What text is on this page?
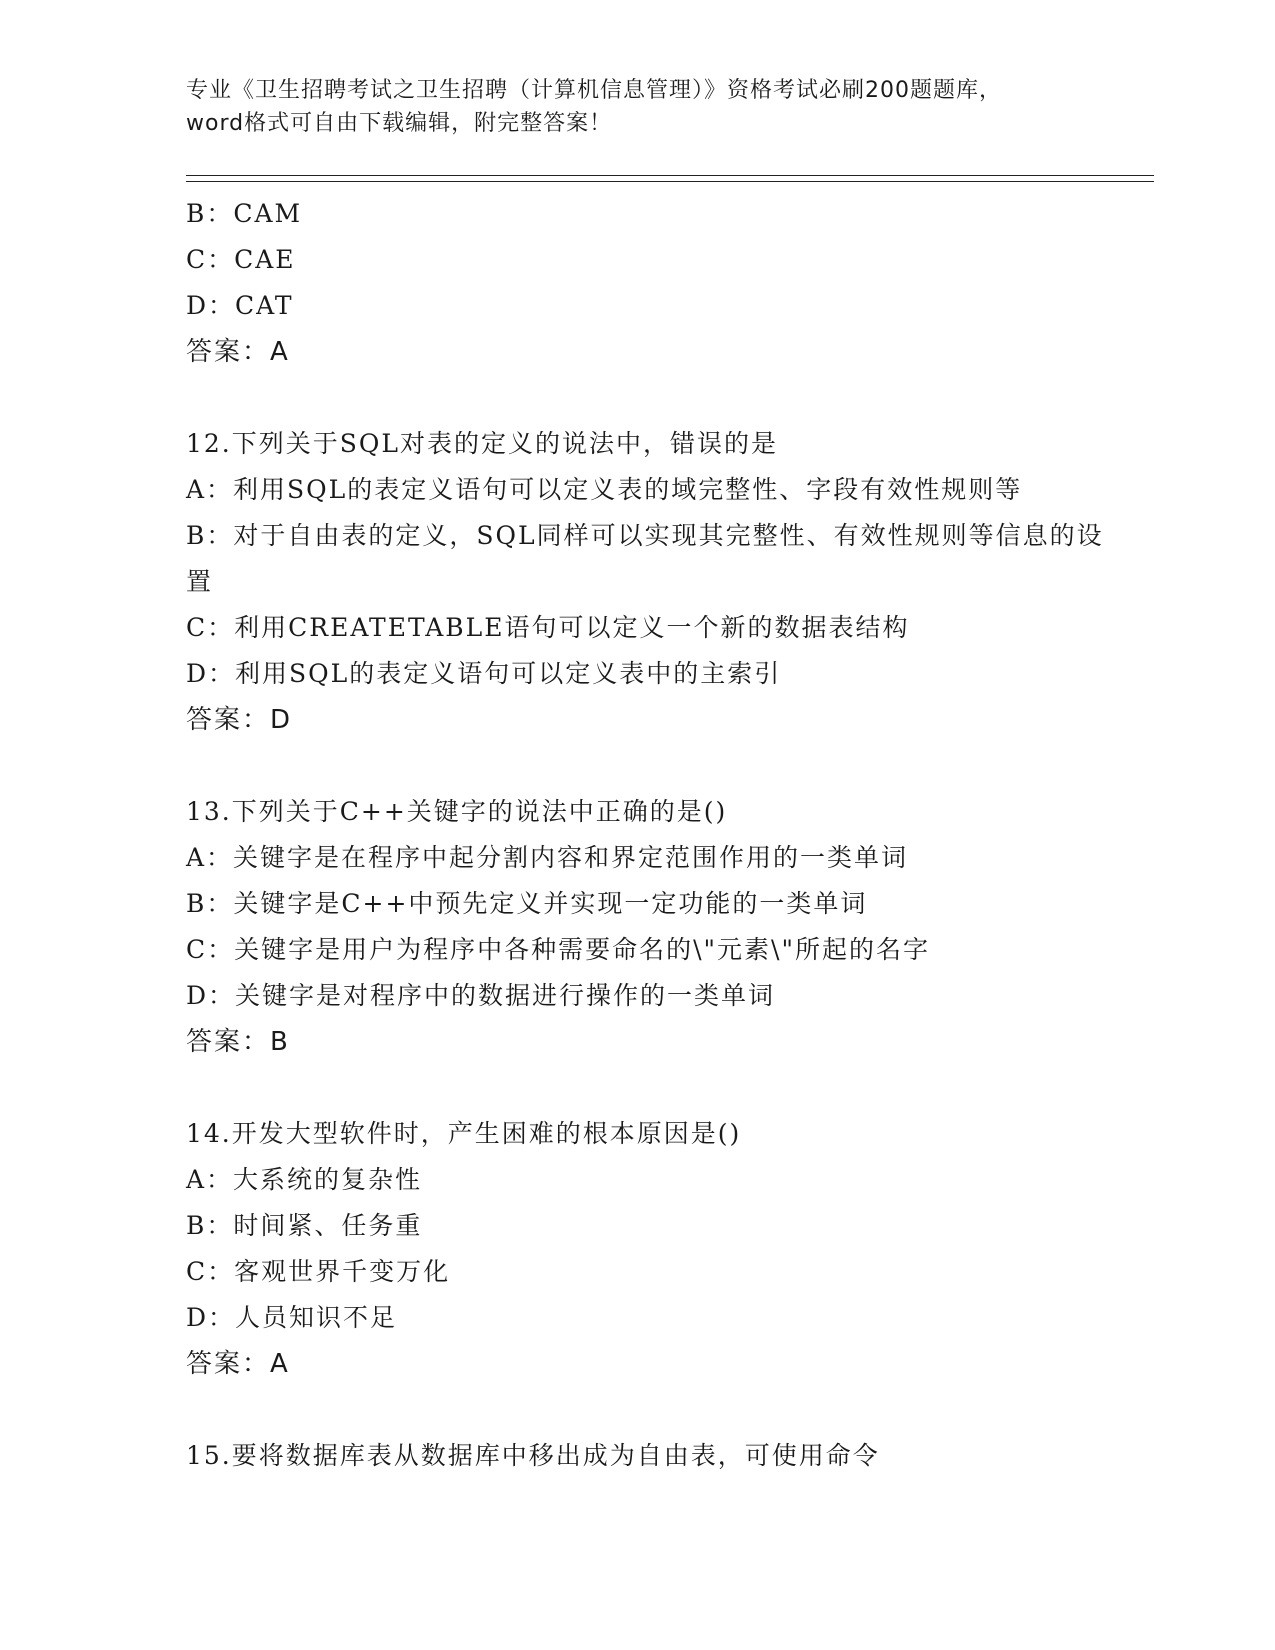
专业《卫生招聘考试之卫生招聘（计算机信息管理）》资格考试必刷200题题库，
word格式可自由下载编辑，附完整答案！
B：CAM
C：CAE
D：CAT
答案：A
12.下列关于SQL对表的定义的说法中，错误的是
A：利用SQL的表定义语句可以定义表的域完整性、字段有效性规则等
B：对于自由表的定义，SQL同样可以实现其完整性、有效性规则等信息的设置
C：利用CREATETABLE语句可以定义一个新的数据表结构
D：利用SQL的表定义语句可以定义表中的主索引
答案：D
13.下列关于C++关键字的说法中正确的是()
A：关键字是在程序中起分割内容和界定范围作用的一类单词
B：关键字是C++中预先定义并实现一定功能的一类单词
C：关键字是用户为程序中各种需要命名的\"元素\"所起的名字
D：关键字是对程序中的数据进行操作的一类单词
答案：B
14.开发大型软件时，产生困难的根本原因是()
A：大系统的复杂性
B：时间紧、任务重
C：客观世界千变万化
D：人员知识不足
答案：A
15.要将数据库表从数据库中移出成为自由表，可使用命令
